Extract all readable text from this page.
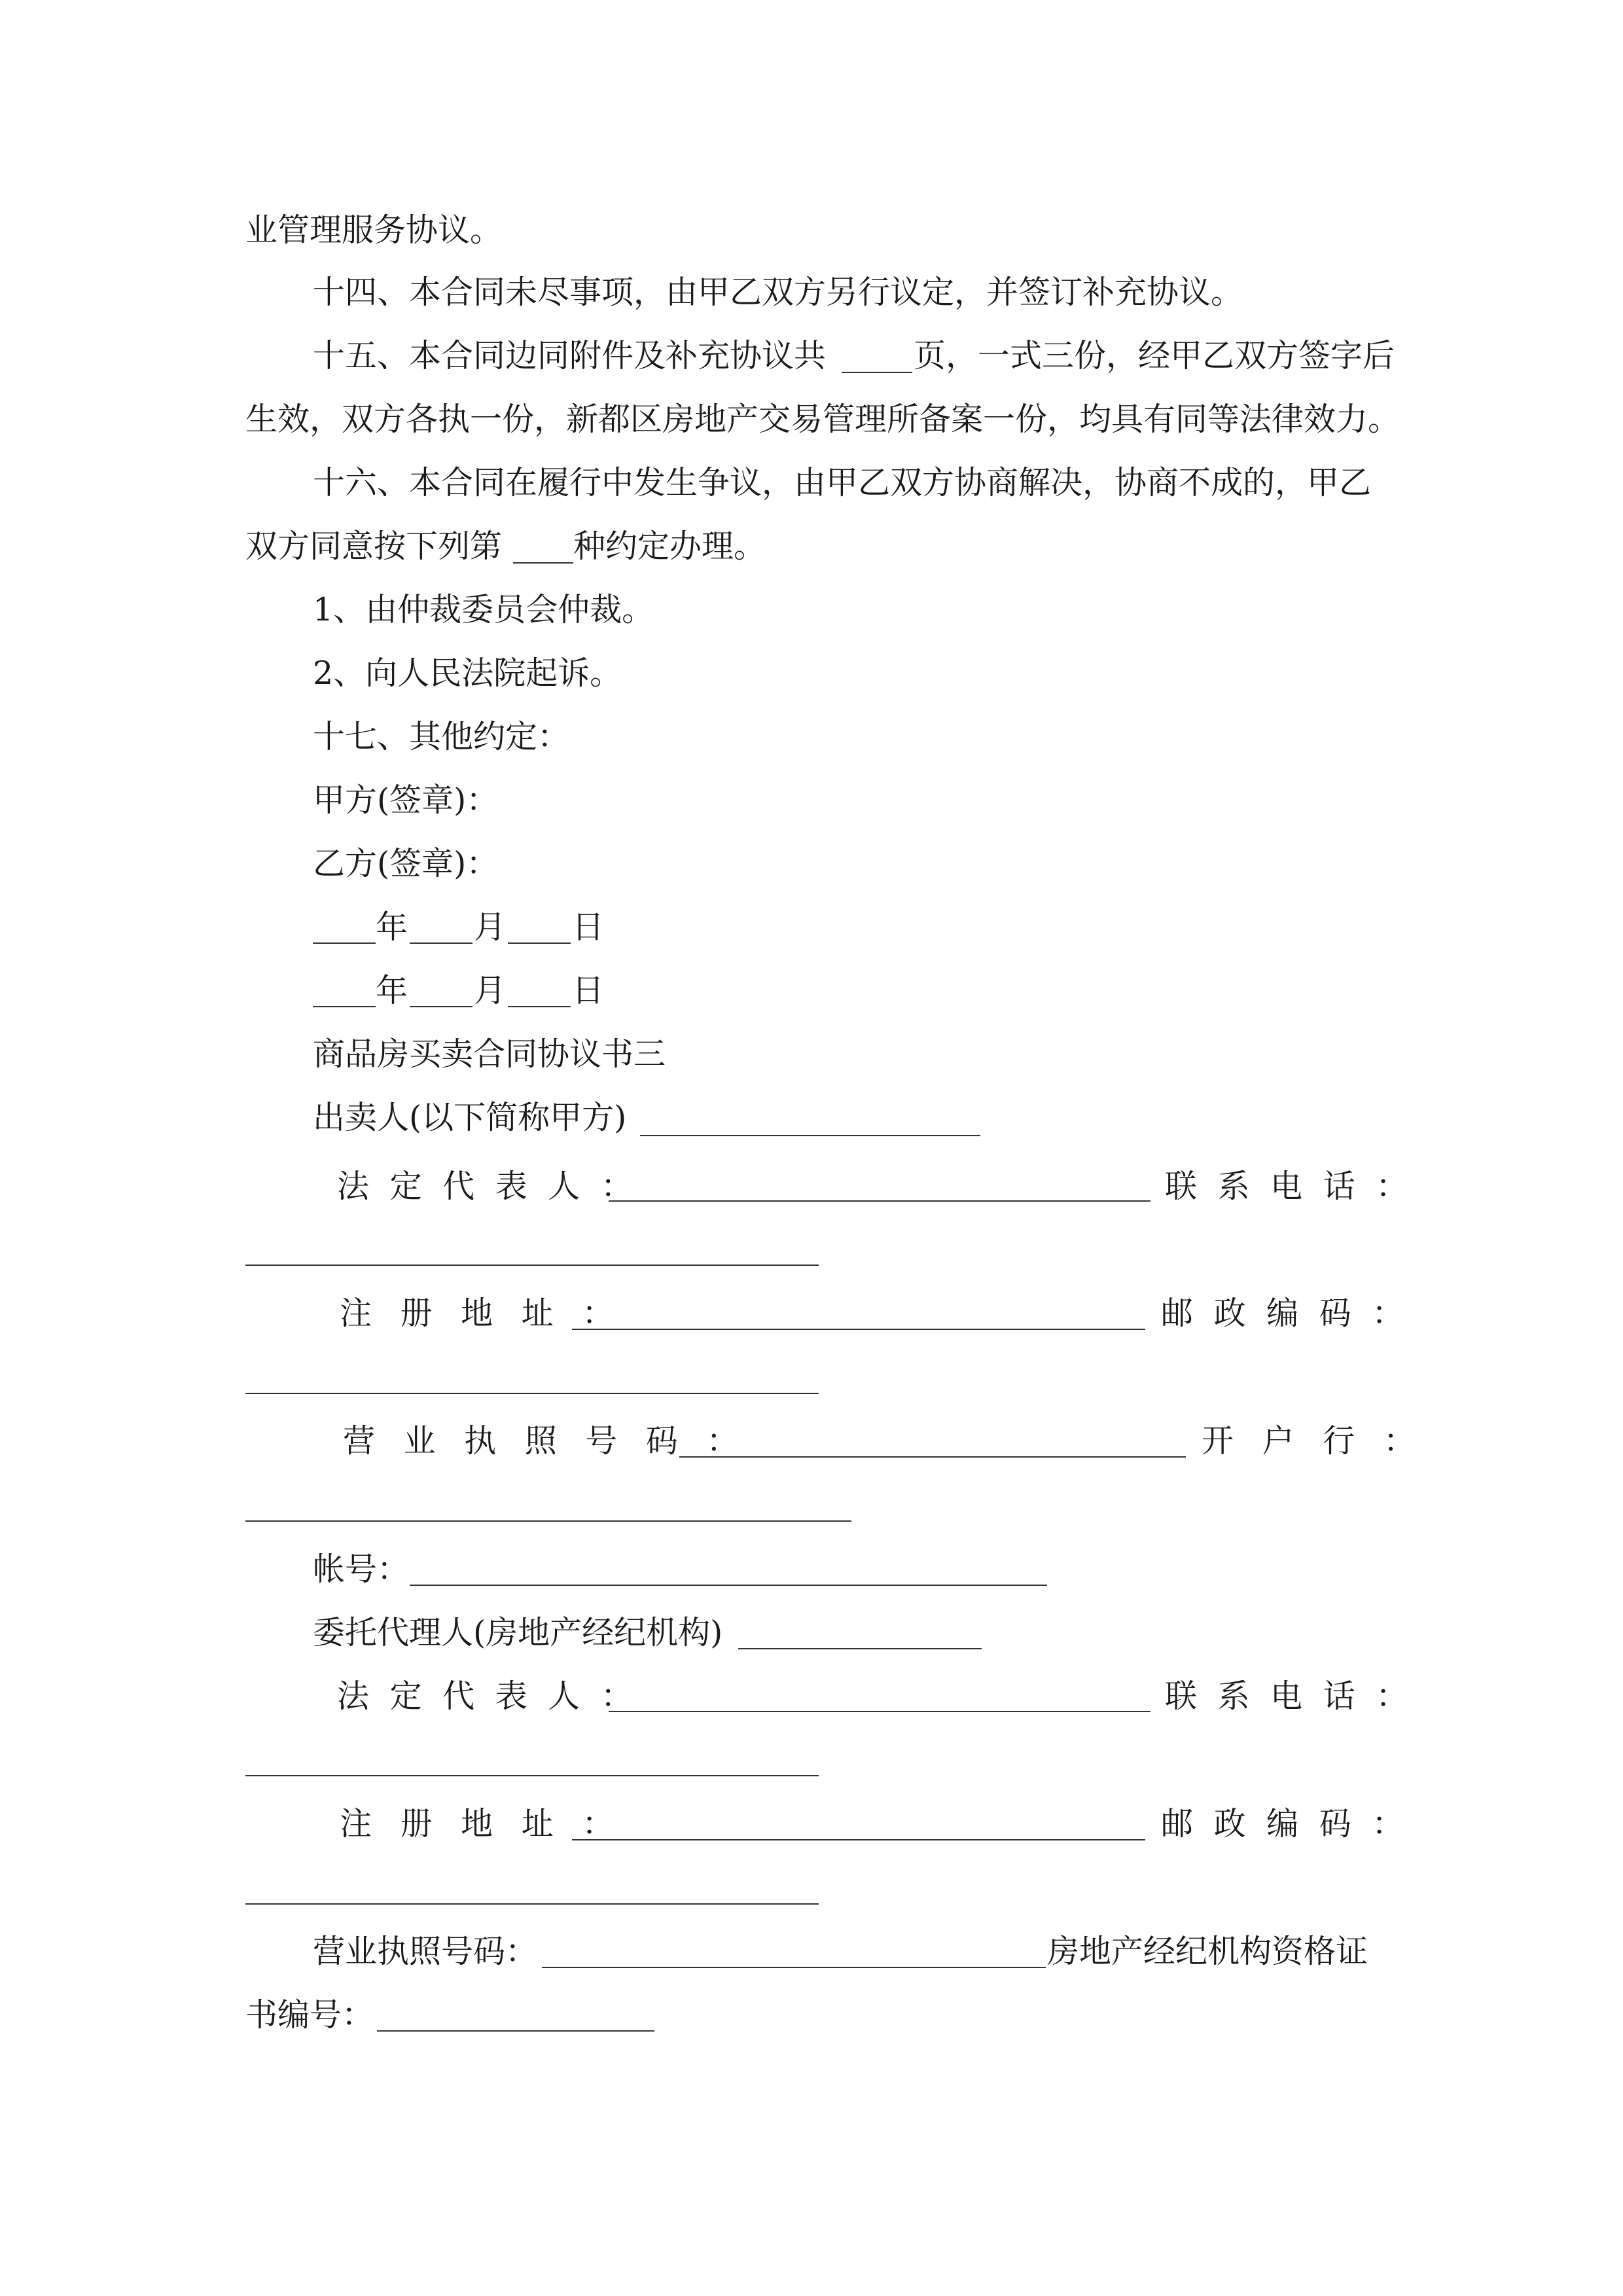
业管理服务协议。
十四、本合同未尽事项，由甲乙双方另行议定，并签订补充协议。
十五、本合同边同附件及补充协议共	页，一式三份，经甲乙双方签字后
生效，双方各执一份，新都区房地产交易管理所备案一份，均具有同等法律效力。
十六、本合同在履行中发生争议，由甲乙双方协商解决，协商不成的，甲乙
双方同意按下列第 种约定办理。
1、由仲裁委员会仲裁。
2、向人民法院起诉。
十七、其他约定：
甲方(签章)：
乙方(签章)：
年 月 日
年 月 日
商品房买卖合同协议书三
出卖人(以下简称甲方)
法 定 代 表 人 ：	联 系 电 话 ：
注 册 地 址 ：	邮 政 编 码 ：
营 业 执 照 号 码 ：	开 户 行 ：
帐号：
委托代理人(房地产经纪机构)
法 定 代 表 人 ：	联 系 电 话 ：
注 册 地 址 ：	邮 政 编 码 ：
营业执照号码：	房地产经纪机构资格证
书编号：
